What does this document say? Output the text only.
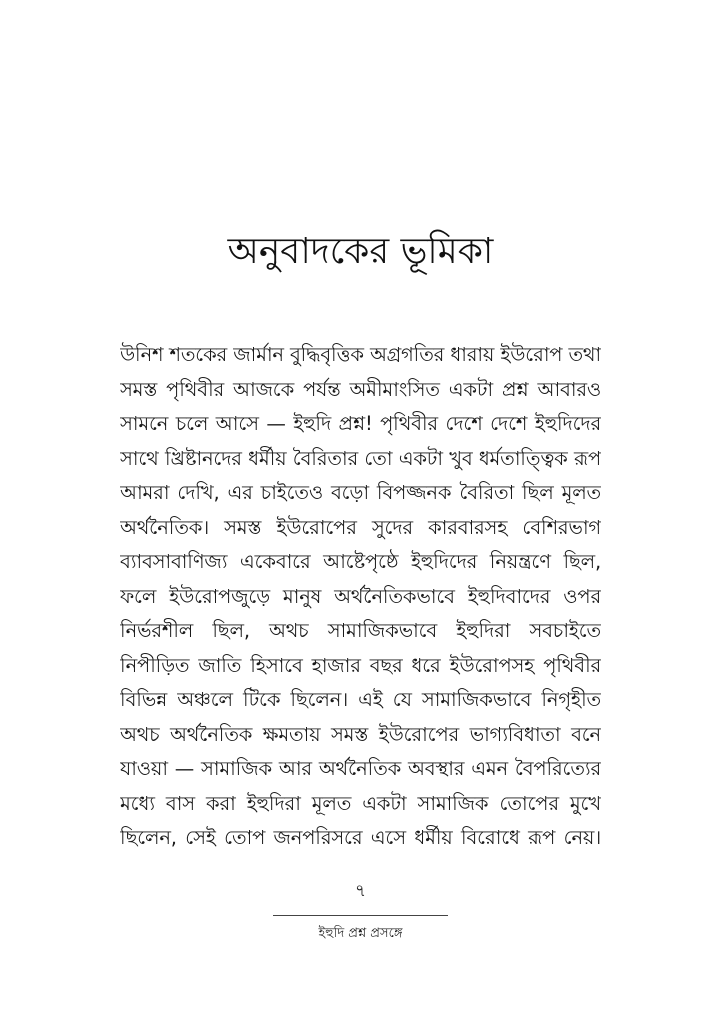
অনুবাদকের ভূমিকা
উনিশ শতকের জার্মান বুদ্ধিবৃত্তিক অগ্রগতির ধারায় ইউরোপ তথা
সমস্ত পৃথিবীর আজকে পর্যন্ত অমীমাংসিত একটা প্রশ্ন আবারও
সামনে চলে আসে — ইহুদি প্রশ্ন! পৃথিবীর দেশে দেশে ইহুদিদের
সাথে খ্রিষ্টানদের ধর্মীয় বৈরিতার তো একটা খুব ধর্মতাত্ত্বিক রূপ
আমরা দেখি, এর চাইতেও বড়ো বিপজ্জনক বৈরিতা ছিল মূলত
অর্থনৈতিক। সমস্ত ইউরোপের সুদের কারবারসহ বেশিরভাগ
ব্যাবসাবাণিজ্য একেবারে আষ্টেপৃষ্ঠে ইহুদিদের নিয়ন্ত্রণে ছিল,
ফলে ইউরোপজুড়ে মানুষ অর্থনৈতিকভাবে ইহুদিবাদের ওপর
নির্ভরশীল ছিল, অথচ সামাজিকভাবে ইহুদিরা সবচাইতে
নিপীড়িত জাতি হিসাবে হাজার বছর ধরে ইউরোপসহ পৃথিবীর
বিভিন্ন অঞ্চলে টিকে ছিলেন। এই যে সামাজিকভাবে নিগৃহীত
অথচ অর্থনৈতিক ক্ষমতায় সমস্ত ইউরোপের ভাগ্যবিধাতা বনে
যাওয়া — সামাজিক আর অর্থনৈতিক অবস্থার এমন বৈপরিত্যের
মধ্যে বাস করা ইহুদিরা মূলত একটা সামাজিক তোপের মুখে
ছিলেন, সেই তোপ জনপরিসরে এসে ধর্মীয় বিরোধে রূপ নেয়।
৭
ইহুদি প্রশ্ন প্রসঙ্গে
